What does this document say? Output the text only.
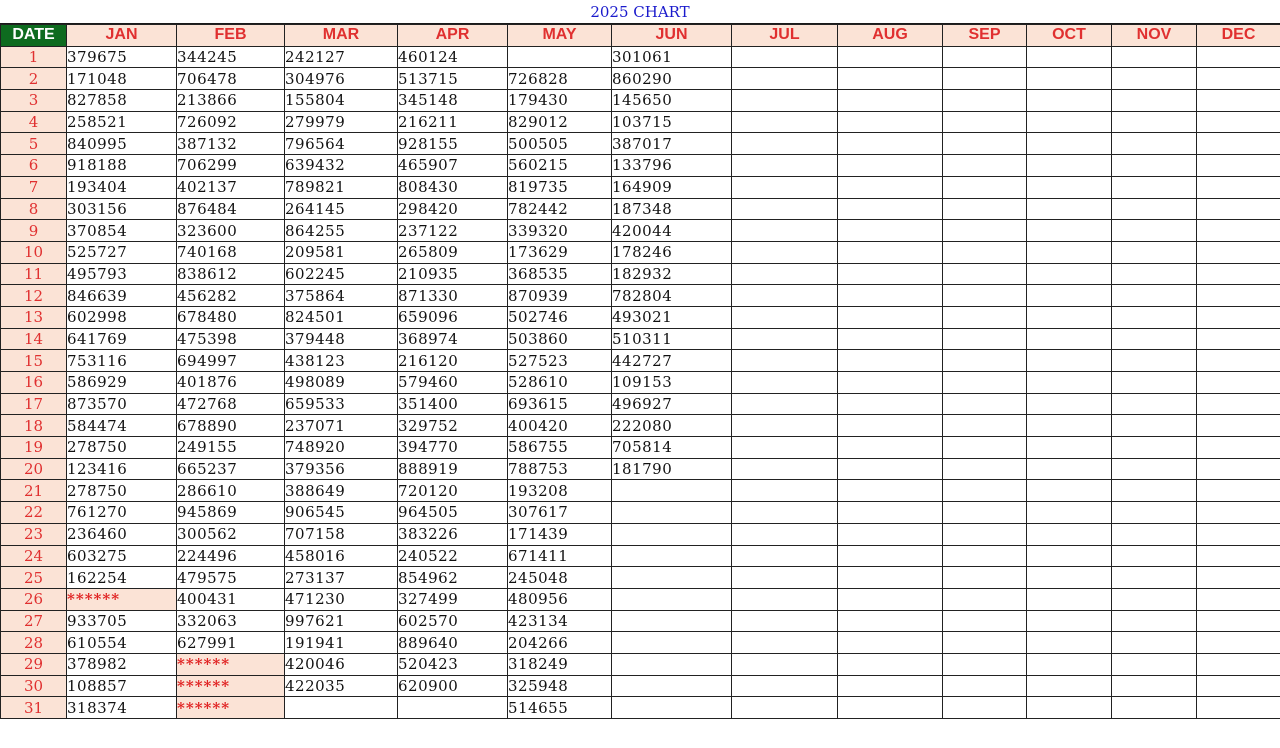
2025 CHART
DATE	JAN	FEB	MAR	APR	MAY	JUN	JUL	AUG	SEP	OCT	NOV	DEC
1	379675	344245	242127	460124		301061						
2	171048	706478	304976	513715	726828	860290						
3	827858	213866	155804	345148	179430	145650						
4	258521	726092	279979	216211	829012	103715						
5	840995	387132	796564	928155	500505	387017						
6	918188	706299	639432	465907	560215	133796						
7	193404	402137	789821	808430	819735	164909						
8	303156	876484	264145	298420	782442	187348						
9	370854	323600	864255	237122	339320	420044						
10	525727	740168	209581	265809	173629	178246						
11	495793	838612	602245	210935	368535	182932						
12	846639	456282	375864	871330	870939	782804						
13	602998	678480	824501	659096	502746	493021						
14	641769	475398	379448	368974	503860	510311						
15	753116	694997	438123	216120	527523	442727						
16	586929	401876	498089	579460	528610	109153						
17	873570	472768	659533	351400	693615	496927						
18	584474	678890	237071	329752	400420	222080						
19	278750	249155	748920	394770	586755	705814						
20	123416	665237	379356	888919	788753	181790						
21	278750	286610	388649	720120	193208							
22	761270	945869	906545	964505	307617							
23	236460	300562	707158	383226	171439							
24	603275	224496	458016	240522	671411							
25	162254	479575	273137	854962	245048							
26	******	400431	471230	327499	480956							
27	933705	332063	997621	602570	423134							
28	610554	627991	191941	889640	204266							
29	378982	******	420046	520423	318249							
30	108857	******	422035	620900	325948							
31	318374	******			514655							
